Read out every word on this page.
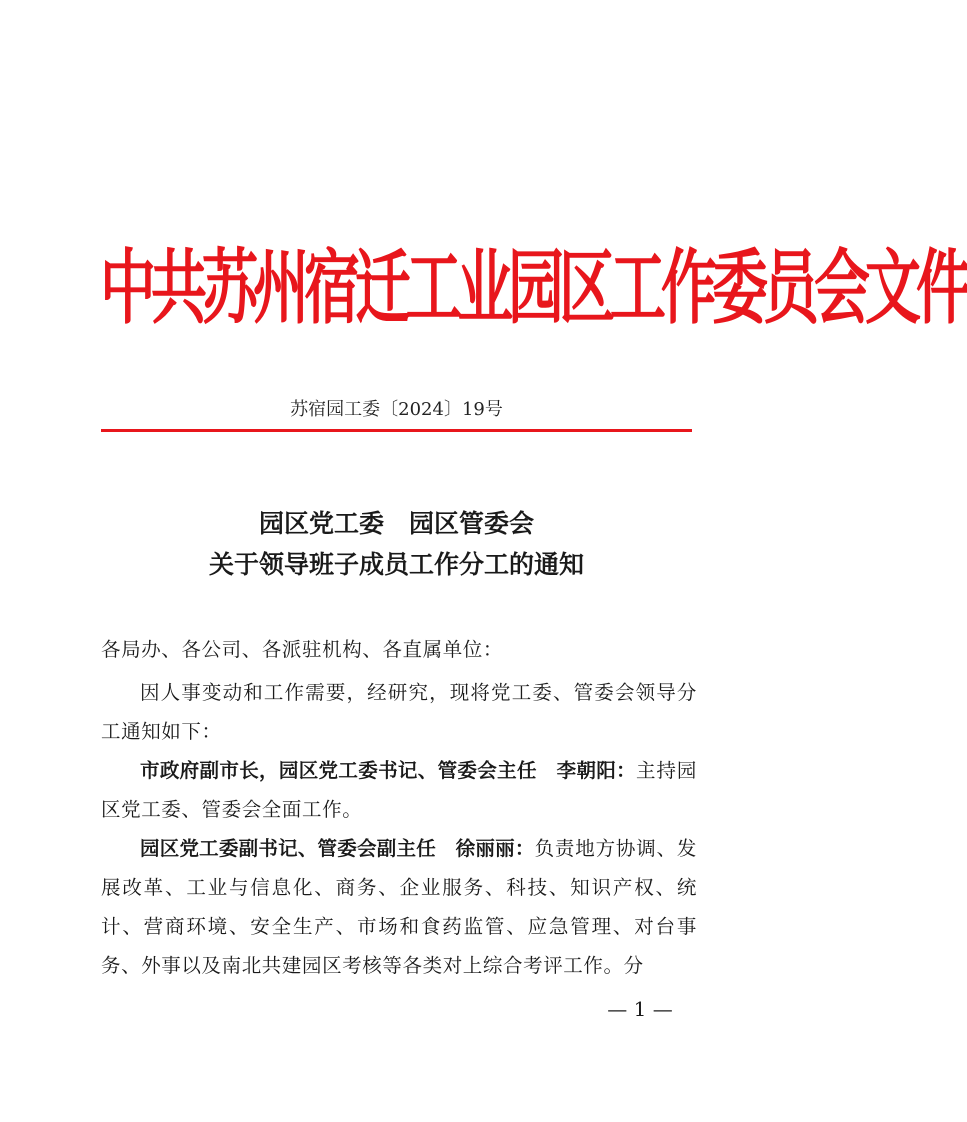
中共苏州宿迁工业园区工作委员会文件
苏宿园工委〔2024〕19号
园区党工委　园区管委会
关于领导班子成员工作分工的通知
各局办、各公司、各派驻机构、各直属单位：

因人事变动和工作需要，经研究，现将党工委、管委会领导分工通知如下：

市政府副市长，园区党工委书记、管委会主任　李朝阳：主持园区党工委、管委会全面工作。

园区党工委副书记、管委会副主任　徐丽丽：负责地方协调、发展改革、工业与信息化、商务、企业服务、科技、知识产权、统计、营商环境、安全生产、市场和食药监管、应急管理、对台事务、外事以及南北共建园区考核等各类对上综合考评工作。分

— 1 —
